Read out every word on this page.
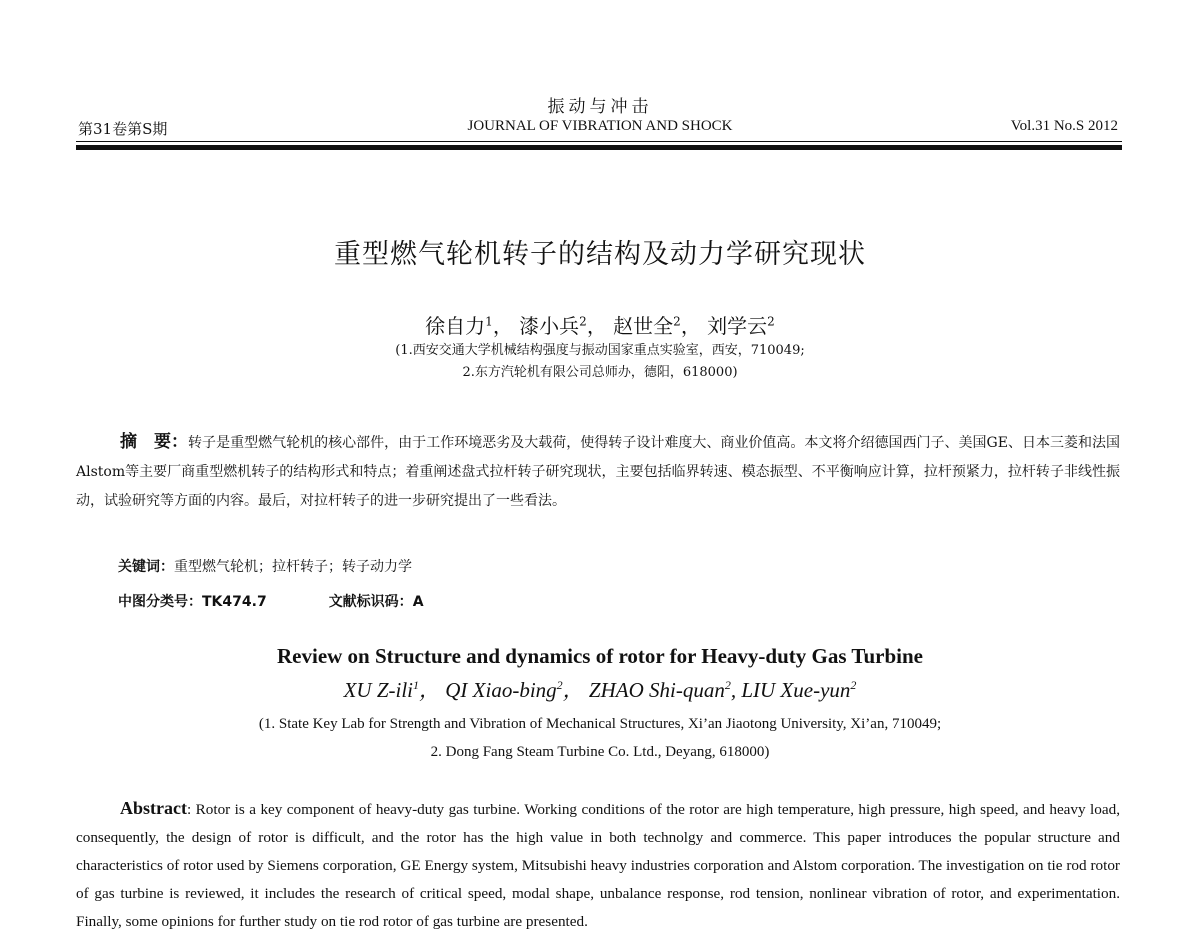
振动与冲击
第31卷第S期	JOURNAL OF VIBRATION AND SHOCK	Vol.31 No.S 2012
重型燃气轮机转子的结构及动力学研究现状
徐自力$^1$， 漆小兵$^2$， 赵世全$^2$， 刘学云$^2$
(1.西安交通大学机械结构强度与振动国家重点实验室，西安，710049;
2.东方汽轮机有限公司总师办，德阳，618000)
摘　要：转子是重型燃气轮机的核心部件，由于工作环境恶劣及大载荷，使得转子设计难度大、商业价值高。本文将介绍德国西门子、美国GE、日本三菱和法国Alstom等主要厂商重型燃机转子的结构形式和特点；着重阐述盘式拉杆转子研究现状，主要包括临界转速、模态振型、不平衡响应计算，拉杆预紧力，拉杆转子非线性振动，试验研究等方面的内容。最后，对拉杆转子的进一步研究提出了一些看法。
关键词：重型燃气轮机；拉杆转子；转子动力学
中图分类号：TK474.7	文献标识码：A
Review on Structure and dynamics of rotor for Heavy-duty Gas Turbine
XU Z-ili$^1$， QI Xiao-bing$^2$， ZHAO Shi-quan$^2$, LIU Xue-yun$^2$
(1. State Key Lab for Strength and Vibration of Mechanical Structures, Xi’an Jiaotong University, Xi’an, 710049;
2. Dong Fang Steam Turbine Co. Ltd., Deyang, 618000)
Abstract: Rotor is a key component of heavy-duty gas turbine. Working conditions of the rotor are high temperature, high pressure, high speed, and heavy load, consequently, the design of rotor is difficult, and the rotor has the high value in both technolgy and commerce. This paper introduces the popular structure and characteristics of rotor used by Siemens corporation, GE Energy system, Mitsubishi heavy industries corporation and Alstom corporation. The investigation on tie rod rotor of gas turbine is reviewed, it includes the research of critical speed, modal shape, unbalance response, rod tension, nonlinear vibration of rotor, and experimentation. Finally, some opinions for further study on tie rod rotor of gas turbine are presented.
